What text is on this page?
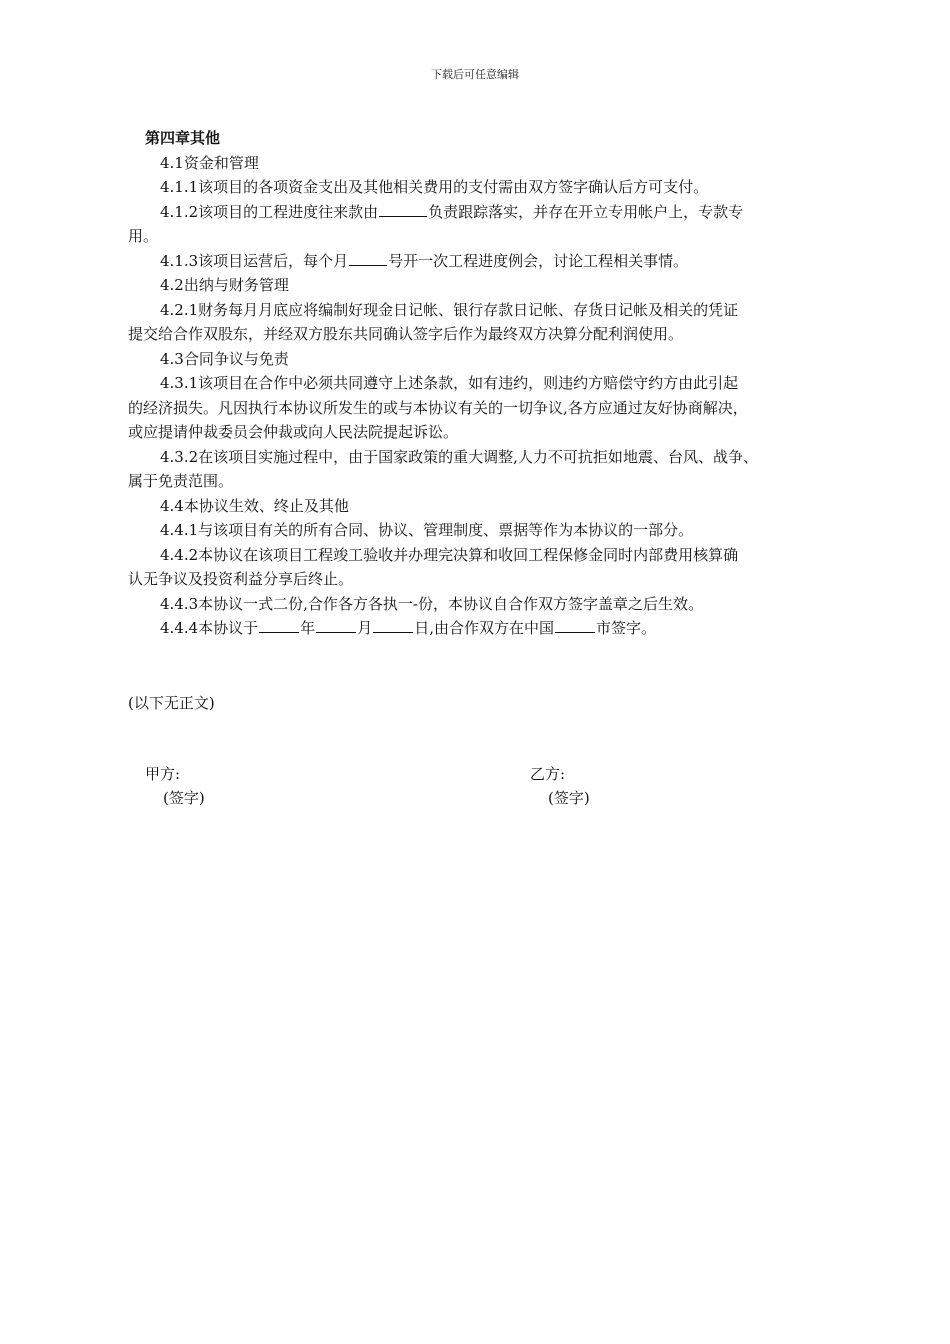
下载后可任意编辑
第四章其他
4.1资金和管理
4.1.1该项目的各项资金支出及其他相关费用的支付需由双方签字确认后方可支付。
4.1.2该项目的工程进度往来款由	负责跟踪落实，并存在开立专用帐户上，专款专
用。
4.1.3该项目运营后，每个月	号开一次工程进度例会，讨论工程相关事情。
4.2出纳与财务管理
4.2.1财务每月月底应将编制好现金日记帐、银行存款日记帐、存货日记帐及相关的凭证
提交给合作双股东，并经双方股东共同确认签字后作为最终双方决算分配利润使用。
4.3合同争议与免责
4.3.1该项目在合作中必须共同遵守上述条款，如有违约，则违约方赔偿守约方由此引起
的经济损失。凡因执行本协议所发生的或与本协议有关的一切争议,各方应通过友好协商解决，
或应提请仲裁委员会仲裁或向人民法院提起诉讼。
4.3.2在该项目实施过程中，由于国家政策的重大调整,人力不可抗拒如地震、台风、战争、
属于免责范围。
4.4本协议生效、终止及其他
4.4.1与该项目有关的所有合同、协议、管理制度、票据等作为本协议的一部分。
4.4.2本协议在该项目工程竣工验收并办理完决算和收回工程保修金同时内部费用核算确
认无争议及投资利益分享后终止。
4.4.3本协议一式二份,合作各方各执一-份，本协议自合作双方签字盖章之后生效。
4.4.4本协议于	年	月	日,由合作双方在中国	市签字。
(以下无正文)
甲方:
(签字)
乙方:
(签字)
